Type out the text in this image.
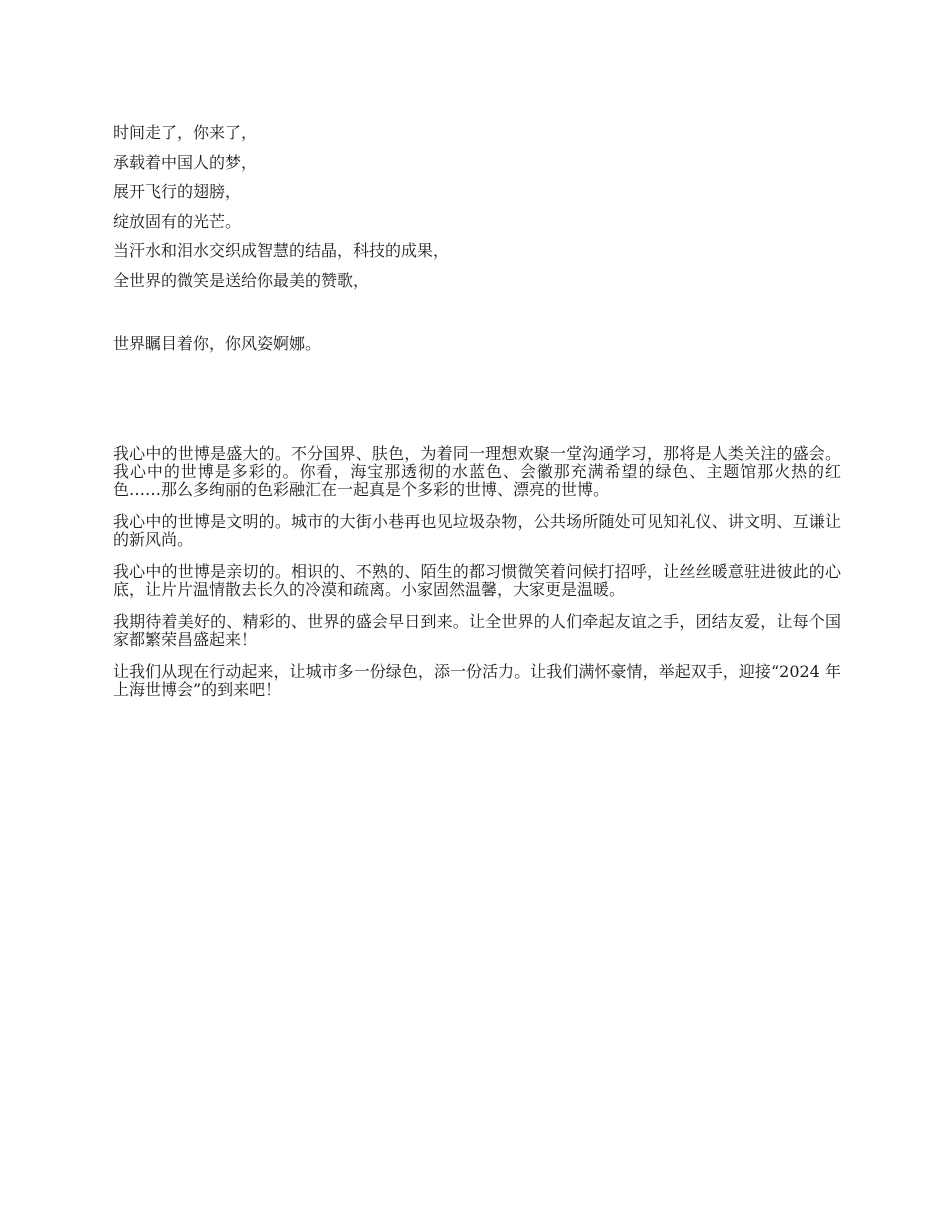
时间走了，你来了，

承载着中国人的梦，

展开飞行的翅膀，

绽放固有的光芒。

当汗水和泪水交织成智慧的结晶，科技的成果，

全世界的微笑是送给你最美的赞歌，

世界瞩目着你，你风姿婀娜。

我心中的世博是盛大的。不分国界、肤色，为着同一理想欢聚一堂沟通学习，那将是人类关注的盛会。我心中的世博是多彩的。你看，海宝那透彻的水蓝色、会徽那充满希望的绿色、主题馆那火热的红色……那么多绚丽的色彩融汇在一起真是个多彩的世博、漂亮的世博。

我心中的世博是文明的。城市的大街小巷再也见垃圾杂物，公共场所随处可见知礼仪、讲文明、互谦让的新风尚。

我心中的世博是亲切的。相识的、不熟的、陌生的都习惯微笑着问候打招呼，让丝丝暖意驻进彼此的心底，让片片温情散去长久的冷漠和疏离。小家固然温馨，大家更是温暖。

我期待着美好的、精彩的、世界的盛会早日到来。让全世界的人们牵起友谊之手，团结友爱，让每个国家都繁荣昌盛起来！

让我们从现在行动起来，让城市多一份绿色，添一份活力。让我们满怀豪情，举起双手，迎接“2024 年上海世博会”的到来吧！
